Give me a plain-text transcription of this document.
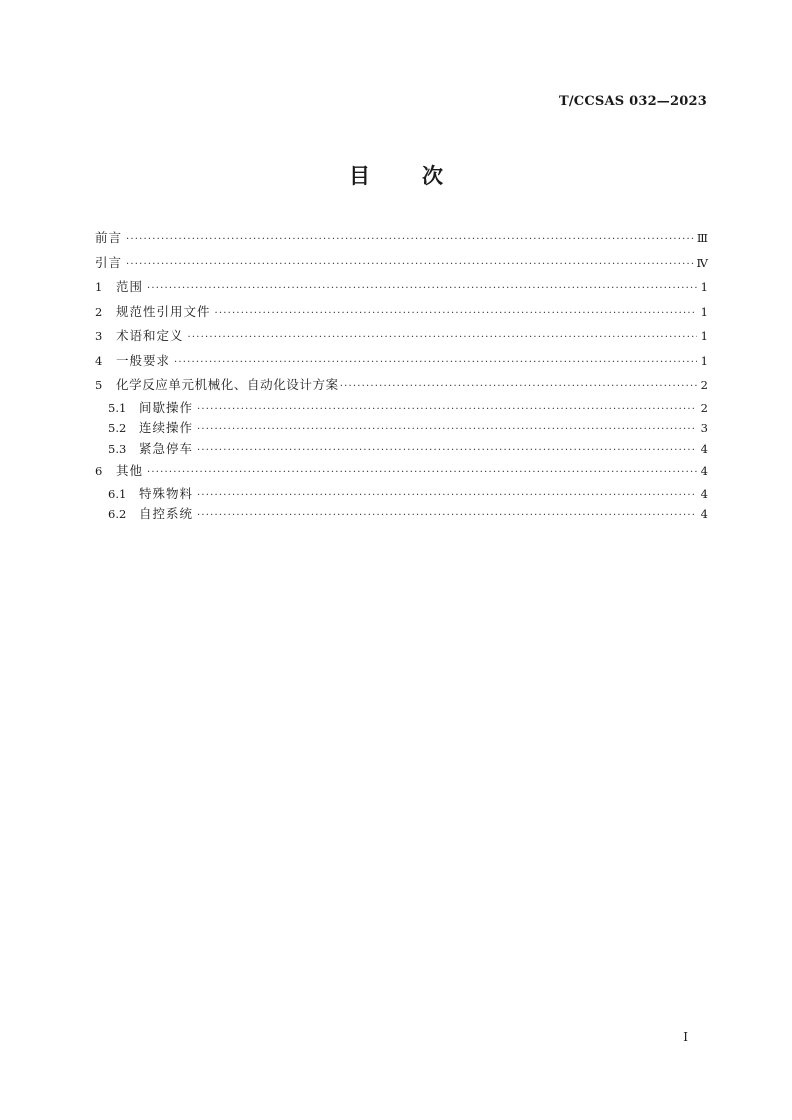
T/CCSAS 032—2023
目 次
前言 ·····	Ⅲ
引言 ·····	Ⅳ
1	范围 ·····	1
2	规范性引用文件 ·····	1
3	术语和定义 ·····	1
4	一般要求 ·····	1
5	化学反应单元机械化、自动化设计方案 ·····	2
5.1	间歇操作 ·····	2
5.2	连续操作 ·····	3
5.3	紧急停车 ·····	4
6	其他 ·····	4
6.1	特殊物料 ·····	4
6.2	自控系统 ·····	4
I
